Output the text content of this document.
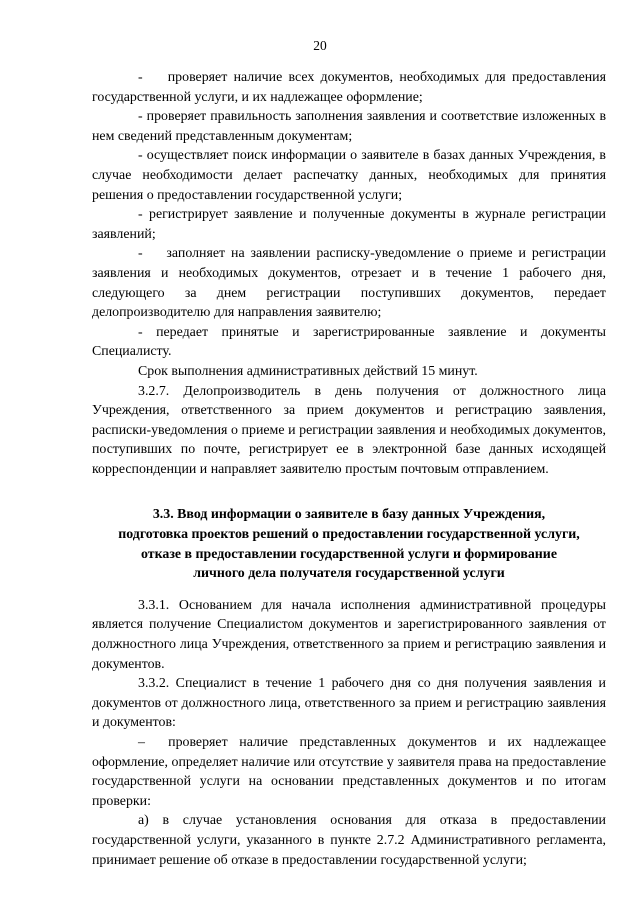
20

-    проверяет наличие всех документов, необходимых для предоставления государственной услуги, и их надлежащее оформление;

- проверяет правильность заполнения заявления и соответствие изложенных в нем сведений представленным документам;

- осуществляет поиск информации о заявителе в базах данных Учреждения, в случае необходимости делает распечатку данных, необходимых для принятия решения о предоставлении государственной услуги;

- регистрирует заявление и полученные документы в журнале регистрации заявлений;

-    заполняет на заявлении расписку-уведомление о приеме и регистрации заявления и необходимых документов, отрезает и в течение 1 рабочего дня, следующего за днем регистрации поступивших документов, передает делопроизводителю для направления заявителю;

- передает принятые и зарегистрированные заявление и документы Специалисту.

Срок выполнения административных действий 15 минут.

3.2.7. Делопроизводитель в день получения от должностного лица Учреждения, ответственного за прием документов и регистрацию заявления, расписки-уведомления о приеме и регистрации заявления и необходимых документов, поступивших по почте, регистрирует ее в электронной базе данных исходящей корреспонденции и направляет заявителю простым почтовым отправлением.

3.3. Ввод информации о заявителе в базу данных Учреждения,
подготовка проектов решений о предоставлении государственной услуги,
отказе в предоставлении государственной услуги и формирование
личного дела получателя государственной услуги

3.3.1. Основанием для начала исполнения административной процедуры является получение Специалистом документов и зарегистрированного заявления от должностного лица Учреждения, ответственного за прием и регистрацию заявления и документов.

3.3.2. Специалист в течение 1 рабочего дня со дня получения заявления и документов от должностного лица, ответственного за прием и регистрацию заявления и документов:

–  проверяет наличие представленных документов и их надлежащее оформление, определяет наличие или отсутствие у заявителя права на предоставление государственной услуги на основании представленных документов и по итогам проверки:

а) в случае установления основания для отказа в предоставлении государственной услуги, указанного в пункте 2.7.2 Административного регламента, принимает решение об отказе в предоставлении государственной услуги;
